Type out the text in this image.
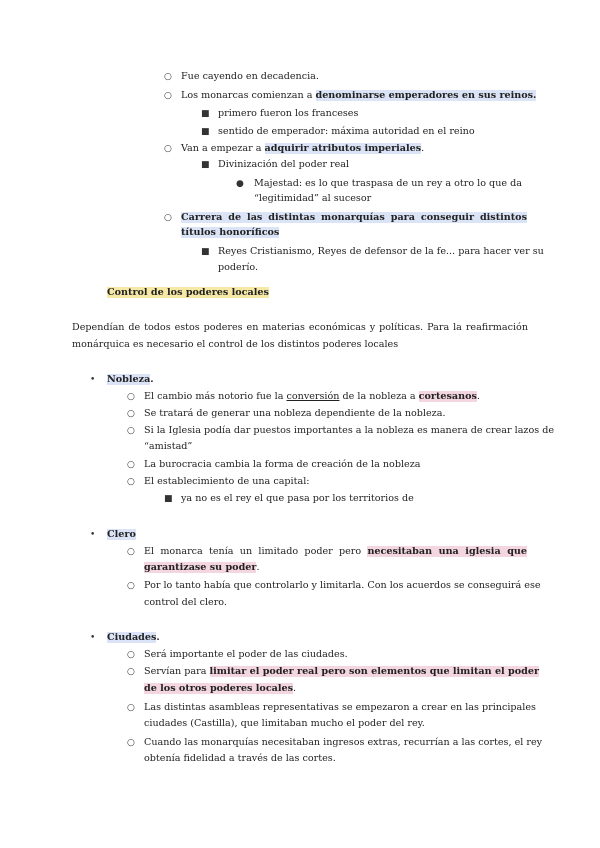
○ Fue cayendo en decadencia.
○ Los monarcas comienzan a denominarse emperadores en sus reinos.
■ primero fueron los franceses
■ sentido de emperador: máxima autoridad en el reino
○ Van a empezar a adquirir atributos imperiales.
■ Divinización del poder real
● Majestad: es lo que traspasa de un rey a otro lo que da
“legitimidad” al sucesor
○ Carrera de las distintas monarquías para conseguir distintos
títulos honoríficos
■ Reyes Cristianismo, Reyes de defensor de la fe... para hacer ver su
poderío.
Control de los poderes locales
Dependían de todos estos poderes en materias económicas y políticas. Para la reafirmación
monárquica es necesario el control de los distintos poderes locales
• Nobleza.
○ El cambio más notorio fue la conversión de la nobleza a cortesanos.
○ Se tratará de generar una nobleza dependiente de la nobleza.
○ Si la Iglesia podía dar puestos importantes a la nobleza es manera de crear lazos de
“amistad”
○ La burocracia cambia la forma de creación de la nobleza
○ El establecimiento de una capital:
■ ya no es el rey el que pasa por los territorios de
• Clero
○ El monarca tenía un limitado poder pero necesitaban una iglesia que
garantizase su poder.
○ Por lo tanto había que controlarlo y limitarla. Con los acuerdos se conseguirá ese
control del clero.
• Ciudades.
○ Será importante el poder de las ciudades.
○ Servían para limitar el poder real pero son elementos que limitan el poder
de los otros poderes locales.
○ Las distintas asambleas representativas se empezaron a crear en las principales
ciudades (Castilla), que limitaban mucho el poder del rey.
○ Cuando las monarquías necesitaban ingresos extras, recurrían a las cortes, el rey
obtenía fidelidad a través de las cortes.
